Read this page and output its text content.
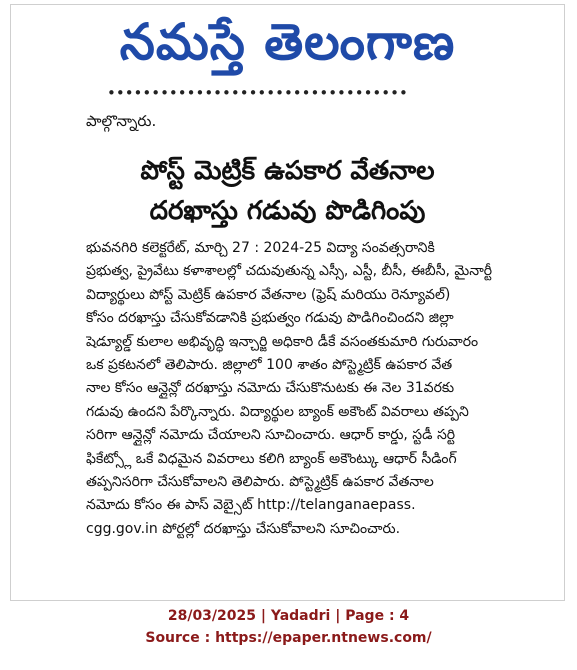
నమస్తే తెలంగాణ
••••••••••••••••••••••••••••••••••
పాల్గొన్నారు.
పోస్ట్ మెట్రిక్ ఉపకార వేతనాల
దరఖాస్తు గడువు పొడిగింపు
భువనగిరి కలెక్టరేట్, మార్చి 27 : 2024-25 విద్యా సంవత్సరానికి
ప్రభుత్వ, ప్రైవేటు కళాశాలల్లో చదువుతున్న ఎస్సీ, ఎస్టీ, బీసీ, ఈబీసీ, మైనార్టీ
విద్యార్థులు పోస్ట్ మెట్రిక్ ఉపకార వేతనాల (ఫ్రెష్ మరియు రెన్యూవల్)
కోసం దరఖాస్తు చేసుకోవడానికి ప్రభుత్వం గడువు పొడిగించిందని జిల్లా
షెడ్యూల్డ్ కులాల అభివృద్ధి ఇన్చార్జి అధికారి డీకే వసంతకుమారి గురువారం
ఒక ప్రకటనలో తెలిపారు. జిల్లాలో 100 శాతం పోస్ట్మెట్రిక్ ఉపకార వేత
నాల కోసం ఆన్లైన్లో దరఖాస్తు నమోదు చేసుకొనుటకు ఈ నెల 31వరకు
గడువు ఉందని పేర్కొన్నారు. విద్యార్థుల బ్యాంక్ అకౌంట్ వివరాలు తప్పని
సరిగా ఆన్లైన్లో నమోదు చేయాలని సూచించారు. ఆధార్ కార్డు, స్టడీ సర్టి
ఫికేట్స్లో ఒకే విధమైన వివరాలు కలిగి బ్యాంక్ అకౌంట్కు ఆధార్ సీడింగ్
తప్పనిసరిగా చేసుకోవాలని తెలిపారు. పోస్ట్మెట్రిక్ ఉపకార వేతనాల
నమోదు కోసం ఈ పాస్ వెబ్సైట్ http://telanganaepass.
cgg.gov.in పోర్టల్లో దరఖాస్తు చేసుకోవాలని సూచించారు.
28/03/2025 | Yadadri | Page : 4
Source : https://epaper.ntnews.com/
